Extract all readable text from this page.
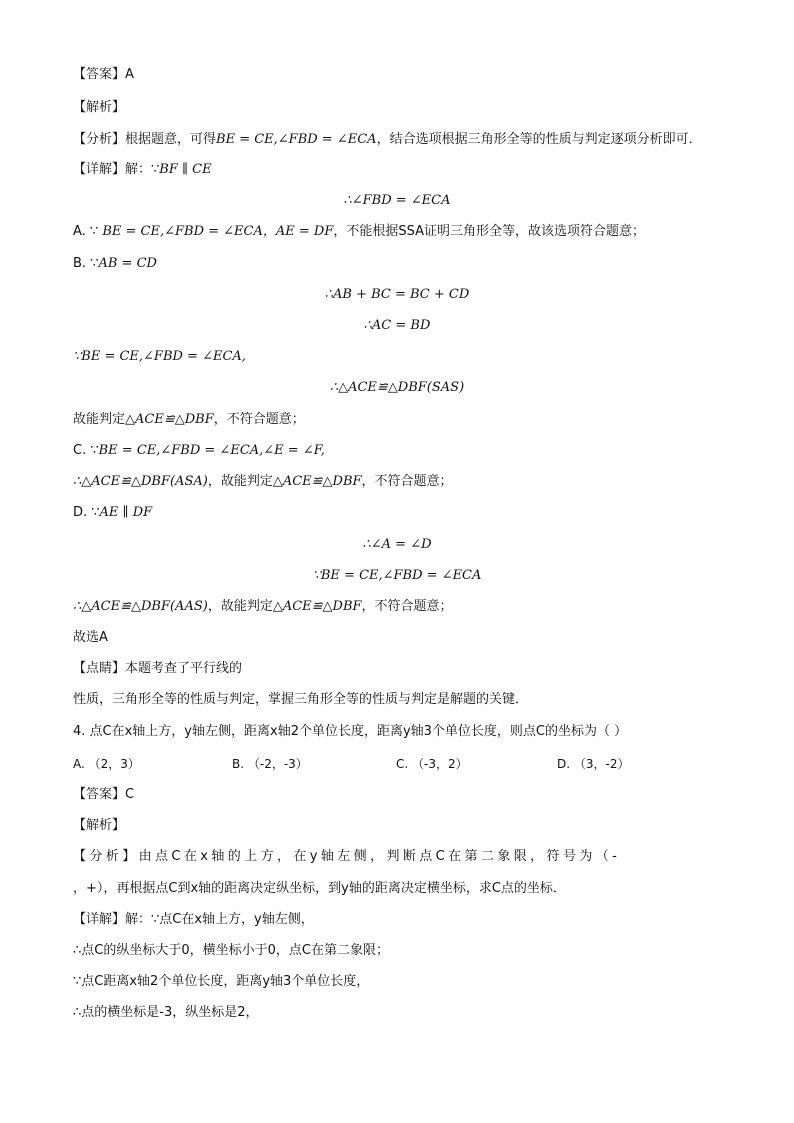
【答案】A
【解析】
【分析】根据题意，可得BE = CE,∠FBD = ∠ECA，结合选项根据三角形全等的性质与判定逐项分析即可．
【详解】解：∵BF ∥ CE
∴∠FBD = ∠ECA
A. ∵ BE = CE,∠FBD = ∠ECA，AE = DF，不能根据SSA证明三角形全等，故该选项符合题意；
B. ∵AB = CD
∴AB + BC = BC + CD
∴AC = BD
∵BE = CE,∠FBD = ∠ECA,
∴△ACE≌△DBF(SAS)
故能判定△ACE≌△DBF，不符合题意；
C. ∵BE = CE,∠FBD = ∠ECA,∠E = ∠F,
∴△ACE≌△DBF(ASA)，故能判定△ACE≌△DBF，不符合题意；
D. ∵AE ∥ DF
∴∠A = ∠D
∵BE = CE,∠FBD = ∠ECA
∴△ACE≌△DBF(AAS)，故能判定△ACE≌△DBF，不符合题意；
故选A
【点睛】本题考查了平行线的
性质，三角形全等的性质与判定，掌握三角形全等的性质与判定是解题的关键．
4. 点C在x轴上方，y轴左侧，距离x轴2个单位长度，距离y轴3个单位长度，则点C的坐标为（ ）
A. （2，3）	B. （-2，-3）	C. （-3，2）	D. （3，-2）
【答案】C
【解析】
【分析】由点C在x轴的上方，在y轴左侧，判断点C在第二象限，符号为（-
，+），再根据点C到x轴的距离决定纵坐标，到y轴的距离决定横坐标，求C点的坐标．
【详解】解：∵点C在x轴上方，y轴左侧，
∴点C的纵坐标大于0，横坐标小于0，点C在第二象限；
∵点C距离x轴2个单位长度，距离y轴3个单位长度，
∴点的横坐标是-3，纵坐标是2，
